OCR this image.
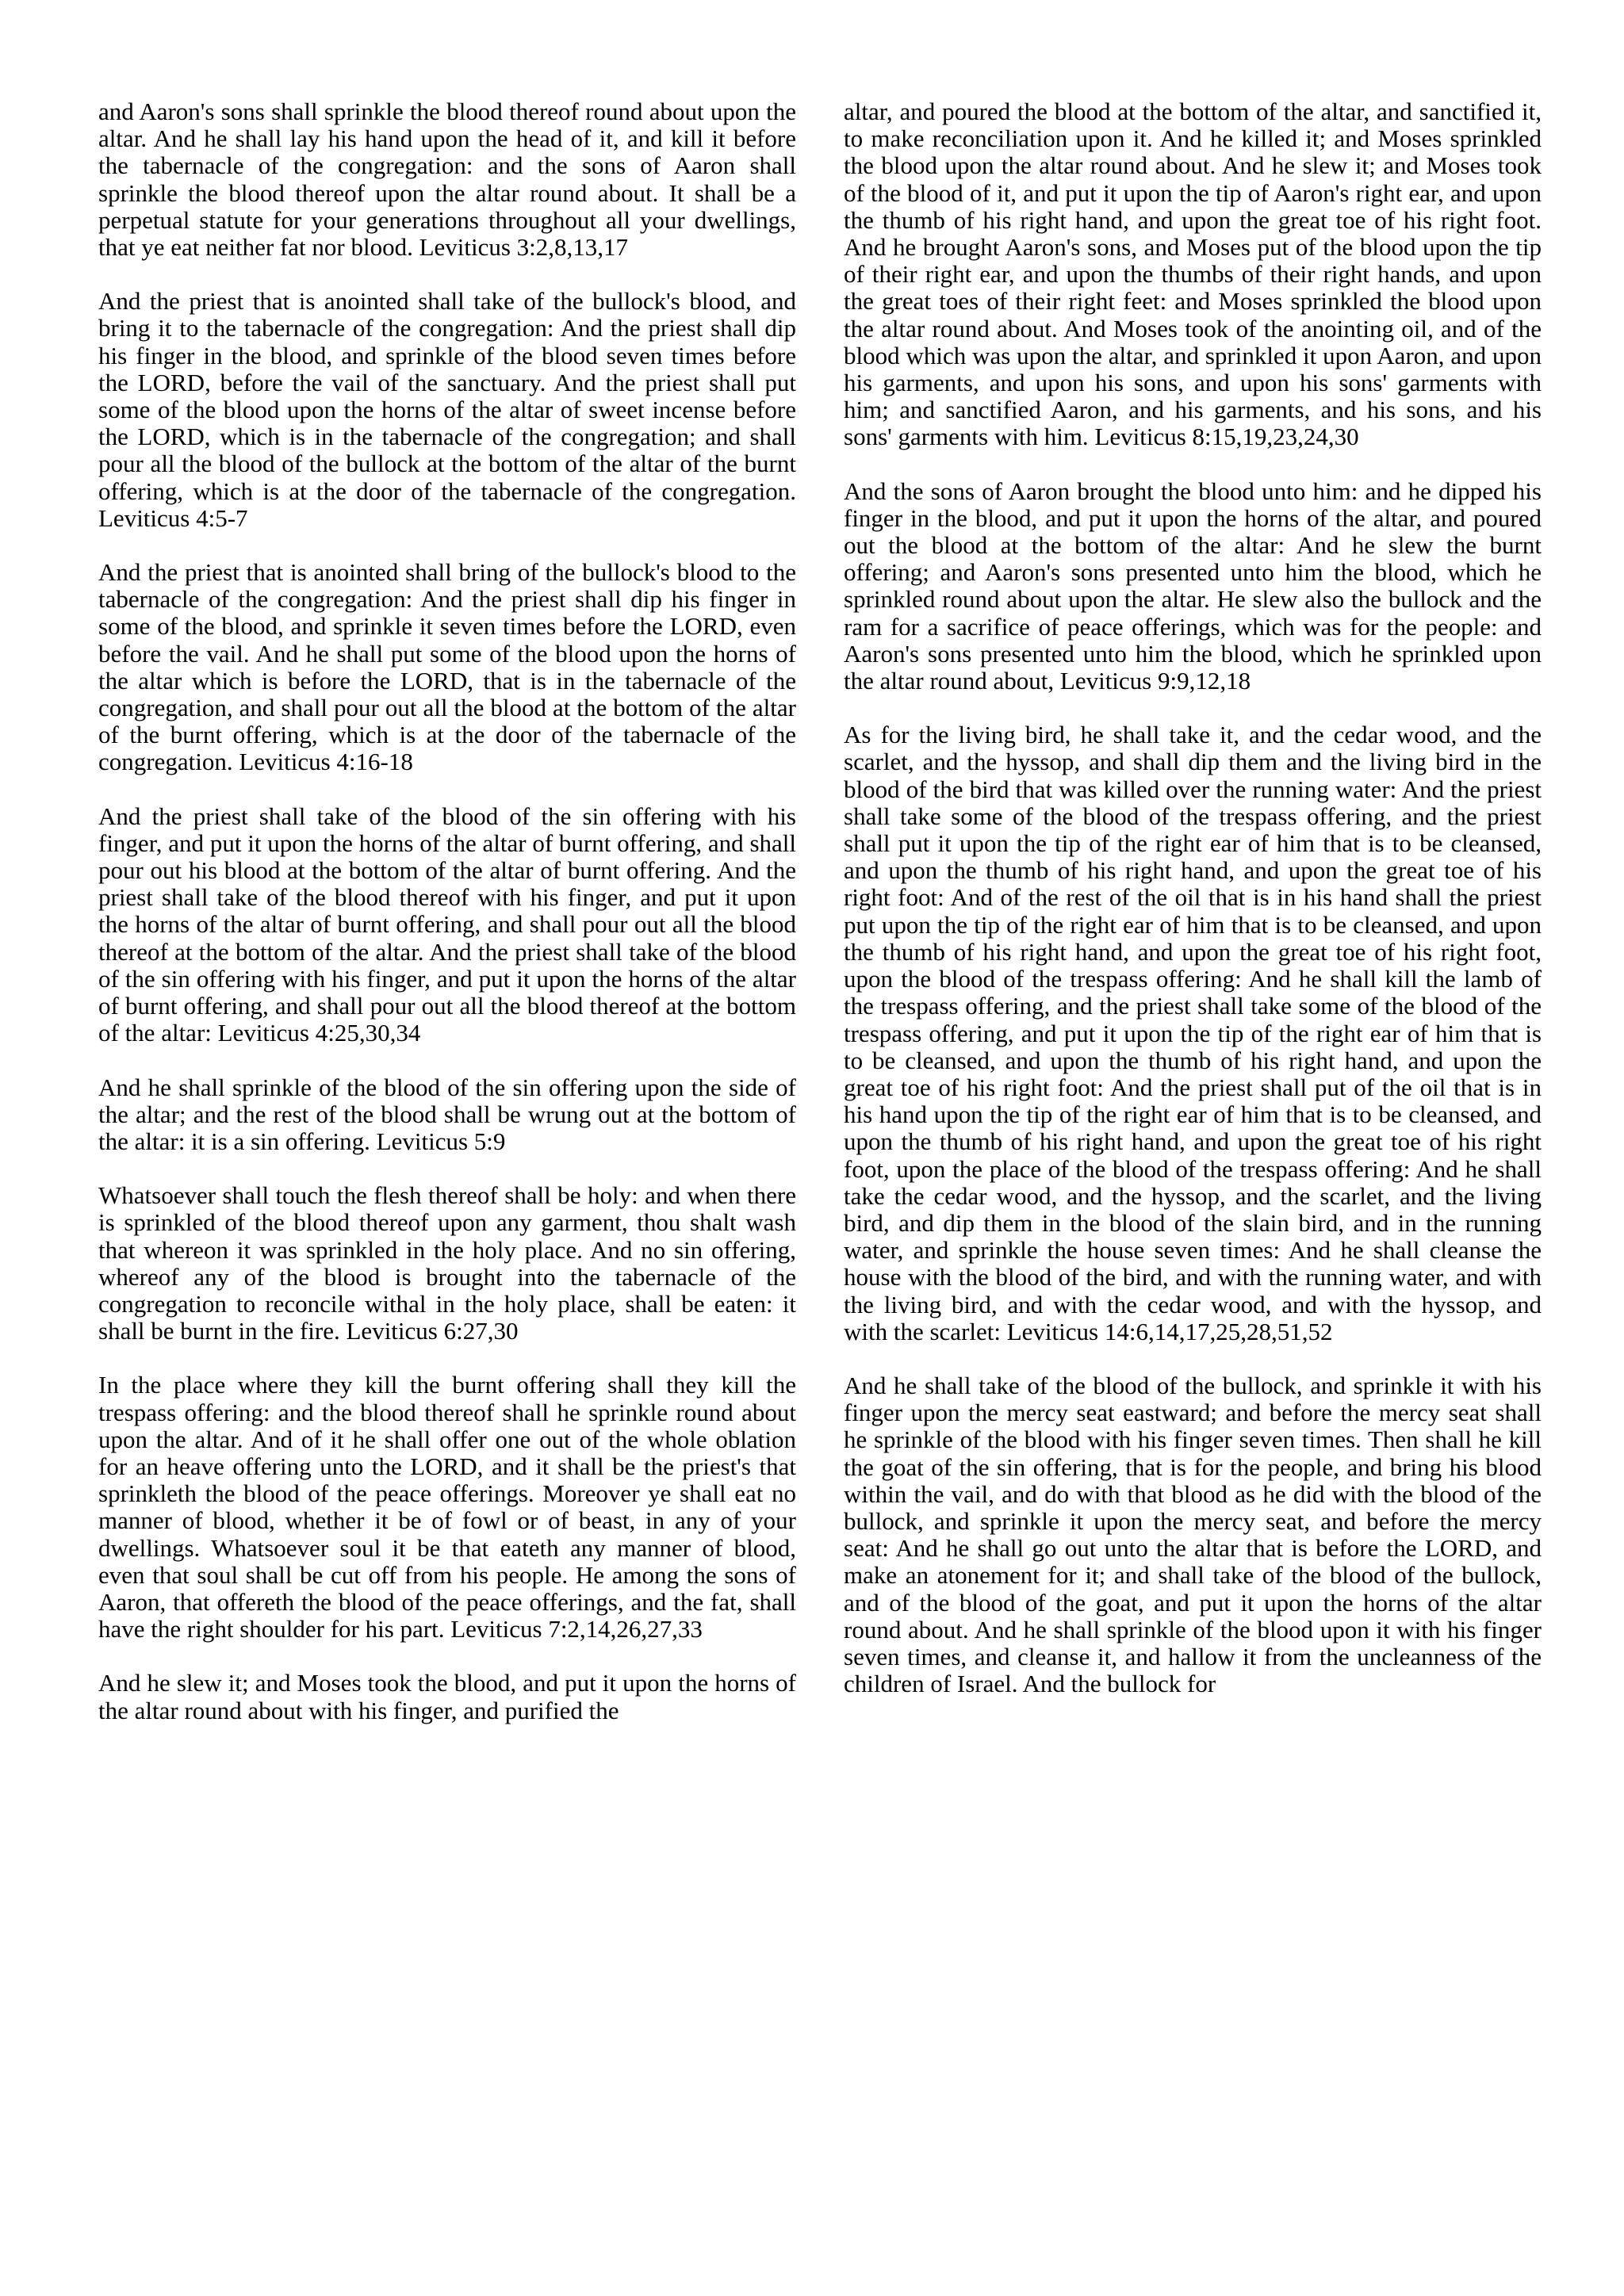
and Aaron's sons shall sprinkle the blood thereof round about upon the altar. And he shall lay his hand upon the head of it, and kill it before the tabernacle of the congregation: and the sons of Aaron shall sprinkle the blood thereof upon the altar round about. It shall be a perpetual statute for your generations throughout all your dwellings, that ye eat neither fat nor blood. Leviticus 3:2,8,13,17

And the priest that is anointed shall take of the bullock's blood, and bring it to the tabernacle of the congregation: And the priest shall dip his finger in the blood, and sprinkle of the blood seven times before the LORD, before the vail of the sanctuary. And the priest shall put some of the blood upon the horns of the altar of sweet incense before the LORD, which is in the tabernacle of the congregation; and shall pour all the blood of the bullock at the bottom of the altar of the burnt offering, which is at the door of the tabernacle of the congregation. Leviticus 4:5-7

And the priest that is anointed shall bring of the bullock's blood to the tabernacle of the congregation: And the priest shall dip his finger in some of the blood, and sprinkle it seven times before the LORD, even before the vail. And he shall put some of the blood upon the horns of the altar which is before the LORD, that is in the tabernacle of the congregation, and shall pour out all the blood at the bottom of the altar of the burnt offering, which is at the door of the tabernacle of the congregation. Leviticus 4:16-18

And the priest shall take of the blood of the sin offering with his finger, and put it upon the horns of the altar of burnt offering, and shall pour out his blood at the bottom of the altar of burnt offering. And the priest shall take of the blood thereof with his finger, and put it upon the horns of the altar of burnt offering, and shall pour out all the blood thereof at the bottom of the altar. And the priest shall take of the blood of the sin offering with his finger, and put it upon the horns of the altar of burnt offering, and shall pour out all the blood thereof at the bottom of the altar: Leviticus 4:25,30,34

And he shall sprinkle of the blood of the sin offering upon the side of the altar; and the rest of the blood shall be wrung out at the bottom of the altar: it is a sin offering. Leviticus 5:9

Whatsoever shall touch the flesh thereof shall be holy: and when there is sprinkled of the blood thereof upon any garment, thou shalt wash that whereon it was sprinkled in the holy place. And no sin offering, whereof any of the blood is brought into the tabernacle of the congregation to reconcile withal in the holy place, shall be eaten: it shall be burnt in the fire. Leviticus 6:27,30

In the place where they kill the burnt offering shall they kill the trespass offering: and the blood thereof shall he sprinkle round about upon the altar. And of it he shall offer one out of the whole oblation for an heave offering unto the LORD, and it shall be the priest's that sprinkleth the blood of the peace offerings. Moreover ye shall eat no manner of blood, whether it be of fowl or of beast, in any of your dwellings. Whatsoever soul it be that eateth any manner of blood, even that soul shall be cut off from his people. He among the sons of Aaron, that offereth the blood of the peace offerings, and the fat, shall have the right shoulder for his part. Leviticus 7:2,14,26,27,33

And he slew it; and Moses took the blood, and put it upon the horns of the altar round about with his finger, and purified the

altar, and poured the blood at the bottom of the altar, and sanctified it, to make reconciliation upon it. And he killed it; and Moses sprinkled the blood upon the altar round about. And he slew it; and Moses took of the blood of it, and put it upon the tip of Aaron's right ear, and upon the thumb of his right hand, and upon the great toe of his right foot. And he brought Aaron's sons, and Moses put of the blood upon the tip of their right ear, and upon the thumbs of their right hands, and upon the great toes of their right feet: and Moses sprinkled the blood upon the altar round about. And Moses took of the anointing oil, and of the blood which was upon the altar, and sprinkled it upon Aaron, and upon his garments, and upon his sons, and upon his sons' garments with him; and sanctified Aaron, and his garments, and his sons, and his sons' garments with him. Leviticus 8:15,19,23,24,30

And the sons of Aaron brought the blood unto him: and he dipped his finger in the blood, and put it upon the horns of the altar, and poured out the blood at the bottom of the altar: And he slew the burnt offering; and Aaron's sons presented unto him the blood, which he sprinkled round about upon the altar. He slew also the bullock and the ram for a sacrifice of peace offerings, which was for the people: and Aaron's sons presented unto him the blood, which he sprinkled upon the altar round about, Leviticus 9:9,12,18

As for the living bird, he shall take it, and the cedar wood, and the scarlet, and the hyssop, and shall dip them and the living bird in the blood of the bird that was killed over the running water: And the priest shall take some of the blood of the trespass offering, and the priest shall put it upon the tip of the right ear of him that is to be cleansed, and upon the thumb of his right hand, and upon the great toe of his right foot: And of the rest of the oil that is in his hand shall the priest put upon the tip of the right ear of him that is to be cleansed, and upon the thumb of his right hand, and upon the great toe of his right foot, upon the blood of the trespass offering: And he shall kill the lamb of the trespass offering, and the priest shall take some of the blood of the trespass offering, and put it upon the tip of the right ear of him that is to be cleansed, and upon the thumb of his right hand, and upon the great toe of his right foot: And the priest shall put of the oil that is in his hand upon the tip of the right ear of him that is to be cleansed, and upon the thumb of his right hand, and upon the great toe of his right foot, upon the place of the blood of the trespass offering: And he shall take the cedar wood, and the hyssop, and the scarlet, and the living bird, and dip them in the blood of the slain bird, and in the running water, and sprinkle the house seven times: And he shall cleanse the house with the blood of the bird, and with the running water, and with the living bird, and with the cedar wood, and with the hyssop, and with the scarlet: Leviticus 14:6,14,17,25,28,51,52

And he shall take of the blood of the bullock, and sprinkle it with his finger upon the mercy seat eastward; and before the mercy seat shall he sprinkle of the blood with his finger seven times. Then shall he kill the goat of the sin offering, that is for the people, and bring his blood within the vail, and do with that blood as he did with the blood of the bullock, and sprinkle it upon the mercy seat, and before the mercy seat: And he shall go out unto the altar that is before the LORD, and make an atonement for it; and shall take of the blood of the bullock, and of the blood of the goat, and put it upon the horns of the altar round about. And he shall sprinkle of the blood upon it with his finger seven times, and cleanse it, and hallow it from the uncleanness of the children of Israel. And the bullock for
